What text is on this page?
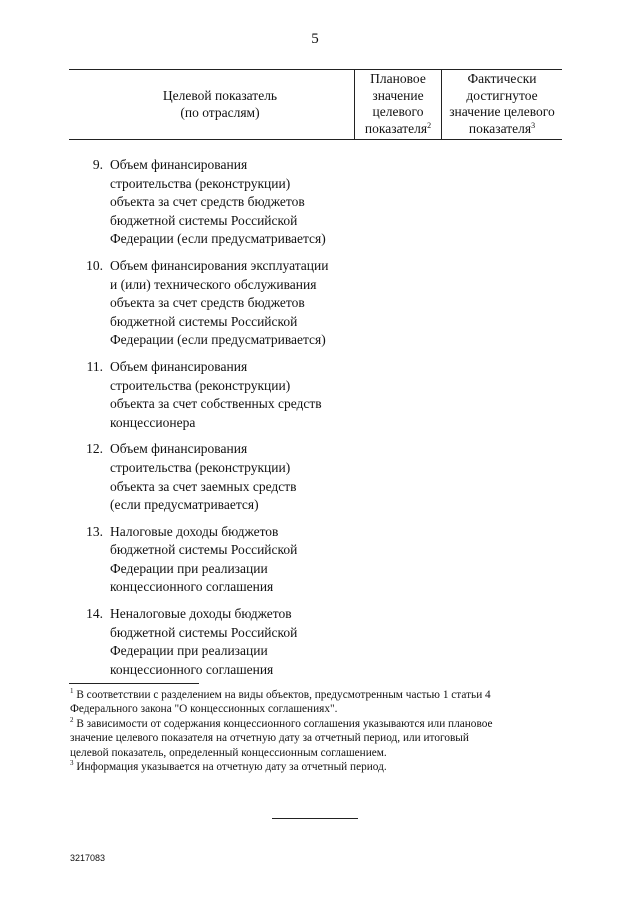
5
Целевой показатель
(по отраслям)
Плановое
значение
целевого
показателя$^2$
Фактически
достигнутое
значение целевого
показателя$^3$
9. Объем финансирования
строительства (реконструкции)
объекта за счет средств бюджетов
бюджетной системы Российской
Федерации (если предусматривается)
10. Объем финансирования эксплуатации
и (или) технического обслуживания
объекта за счет средств бюджетов
бюджетной системы Российской
Федерации (если предусматривается)
11. Объем финансирования
строительства (реконструкции)
объекта за счет собственных средств
концессионера
12. Объем финансирования
строительства (реконструкции)
объекта за счет заемных средств
(если предусматривается)
13. Налоговые доходы бюджетов
бюджетной системы Российской
Федерации при реализации
концессионного соглашения
14. Неналоговые доходы бюджетов
бюджетной системы Российской
Федерации при реализации
концессионного соглашения

$^1$ В соответствии с разделением на виды объектов, предусмотренным частью 1 статьи 4
Федерального закона "О концессионных соглашениях".

$^2$ В зависимости от содержания концессионного соглашения указываются или плановое
значение целевого показателя на отчетную дату за отчетный период, или итоговый
целевой показатель, определенный концессионным соглашением.

$^3$ Информация указывается на отчетную дату за отчетный период.

3217083
